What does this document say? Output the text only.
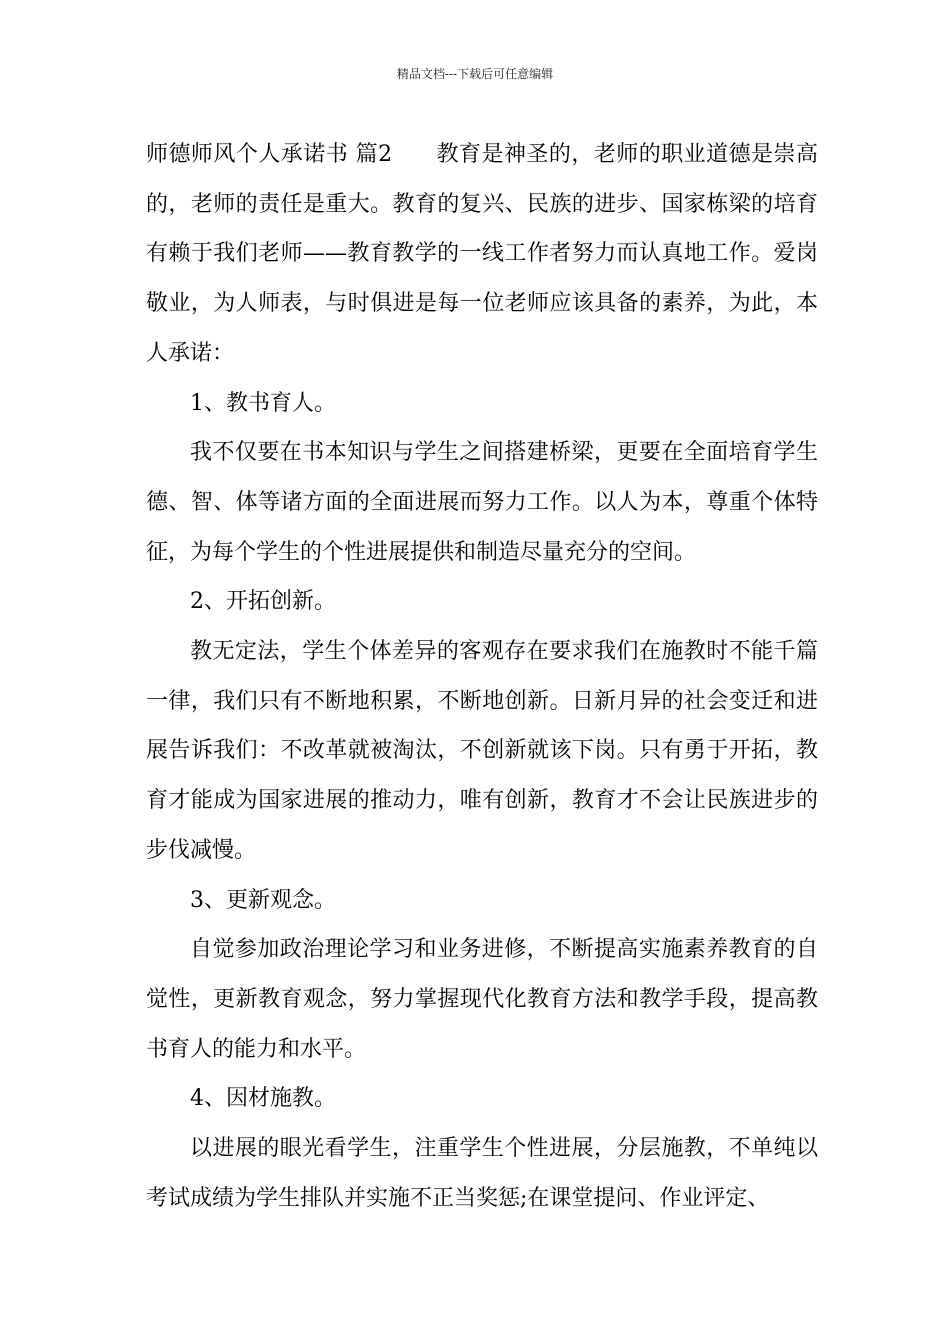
精品文档---下载后可任意编辑

师德师风个人承诺书 篇2 教育是神圣的，老师的职业道德是崇高的，老师的责任是重大。教育的复兴、民族的进步、国家栋梁的培育有赖于我们老师——教育教学的一线工作者努力而认真地工作。爱岗敬业，为人师表，与时俱进是每一位老师应该具备的素养，为此，本人承诺：

1、教书育人。

我不仅要在书本知识与学生之间搭建桥梁，更要在全面培育学生德、智、体等诸方面的全面进展而努力工作。以人为本，尊重个体特征，为每个学生的个性进展提供和制造尽量充分的空间。

2、开拓创新。

教无定法，学生个体差异的客观存在要求我们在施教时不能千篇一律，我们只有不断地积累，不断地创新。日新月异的社会变迁和进展告诉我们：不改革就被淘汰，不创新就该下岗。只有勇于开拓，教育才能成为国家进展的推动力，唯有创新，教育才不会让民族进步的步伐减慢。

3、更新观念。

自觉参加政治理论学习和业务进修，不断提高实施素养教育的自觉性，更新教育观念，努力掌握现代化教育方法和教学手段，提高教书育人的能力和水平。

4、因材施教。

以进展的眼光看学生，注重学生个性进展，分层施教，不单纯以考试成绩为学生排队并实施不正当奖惩;在课堂提问、作业评定、
